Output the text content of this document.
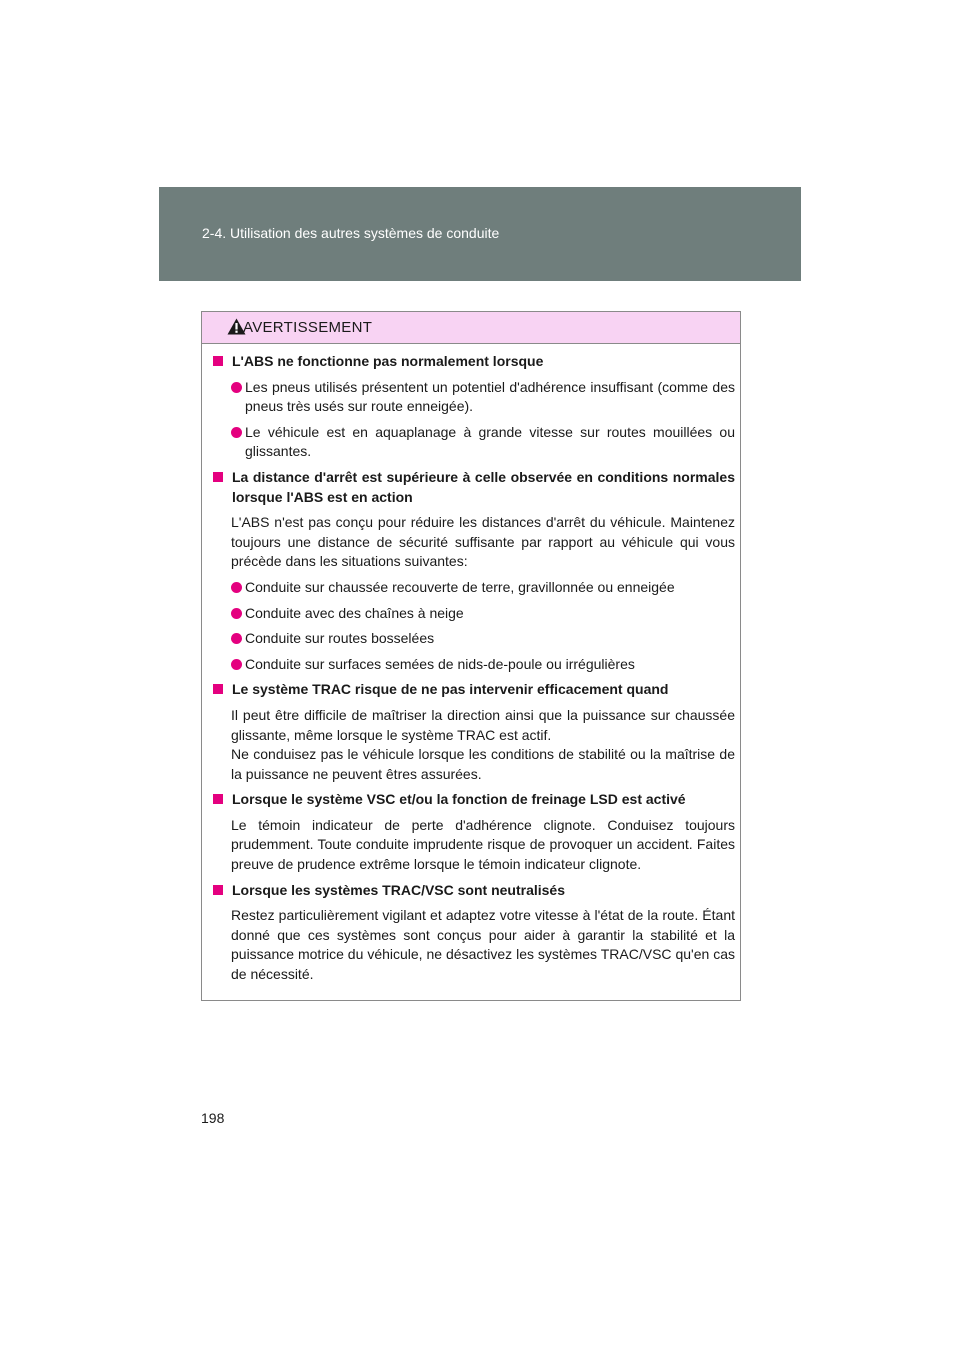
2-4. Utilisation des autres systèmes de conduite
AVERTISSEMENT
L'ABS ne fonctionne pas normalement lorsque
Les pneus utilisés présentent un potentiel d'adhérence insuffisant (comme des pneus très usés sur route enneigée).
Le véhicule est en aquaplanage à grande vitesse sur routes mouillées ou glissantes.
La distance d'arrêt est supérieure à celle observée en conditions normales lorsque l'ABS est en action
L'ABS n'est pas conçu pour réduire les distances d'arrêt du véhicule. Maintenez toujours une distance de sécurité suffisante par rapport au véhicule qui vous précède dans les situations suivantes:
Conduite sur chaussée recouverte de terre, gravillonnée ou enneigée
Conduite avec des chaînes à neige
Conduite sur routes bosselées
Conduite sur surfaces semées de nids-de-poule ou irrégulières
Le système TRAC risque de ne pas intervenir efficacement quand
Il peut être difficile de maîtriser la direction ainsi que la puissance sur chaussée glissante, même lorsque le système TRAC est actif.
Ne conduisez pas le véhicule lorsque les conditions de stabilité ou la maîtrise de la puissance ne peuvent êtres assurées.
Lorsque le système VSC et/ou la fonction de freinage LSD est activé
Le témoin indicateur de perte d'adhérence clignote. Conduisez toujours prudemment. Toute conduite imprudente risque de provoquer un accident. Faites preuve de prudence extrême lorsque le témoin indicateur clignote.
Lorsque les systèmes TRAC/VSC sont neutralisés
Restez particulièrement vigilant et adaptez votre vitesse à l'état de la route. Étant donné que ces systèmes sont conçus pour aider à garantir la stabilité et la puissance motrice du véhicule, ne désactivez les systèmes TRAC/VSC qu'en cas de nécessité.
198
